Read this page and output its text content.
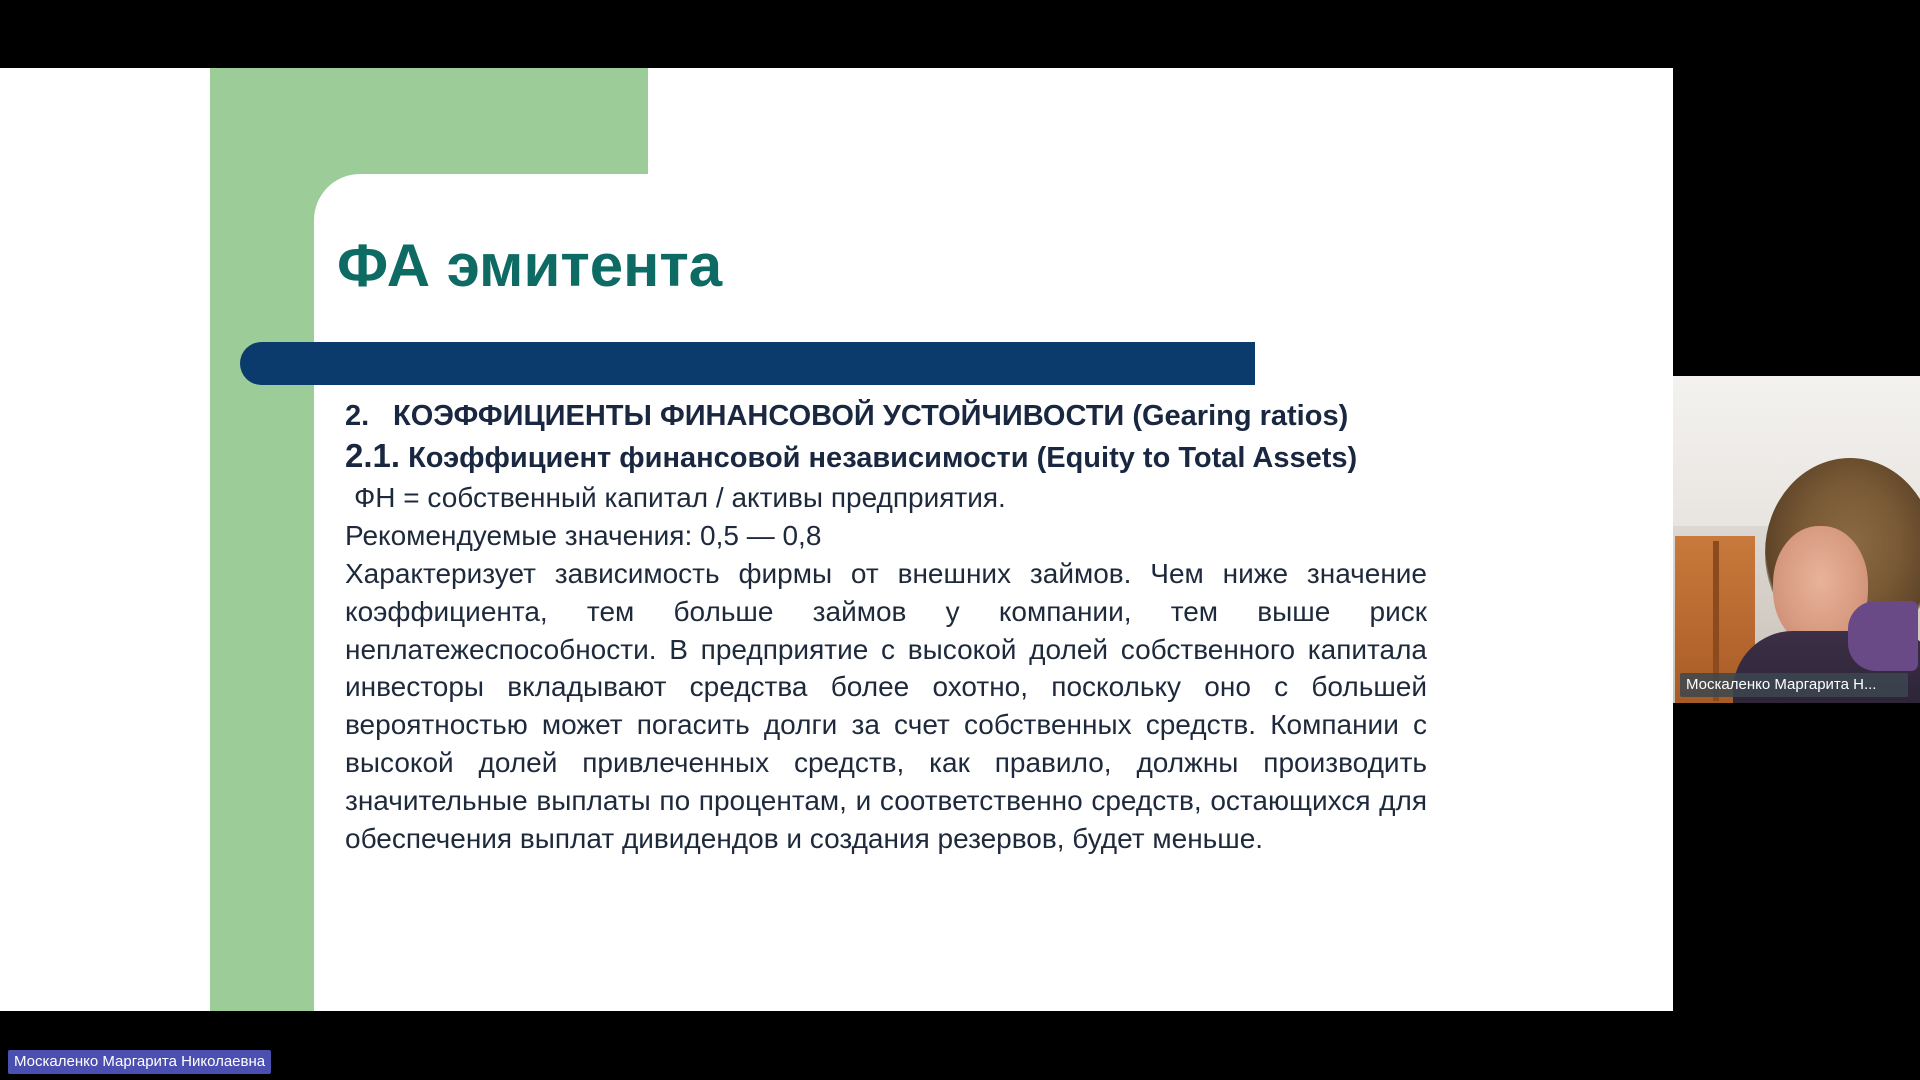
ФА эмитента
2. КОЭФФИЦИЕНТЫ ФИНАНСОВОЙ УСТОЙЧИВОСТИ (Gearing ratios)
2.1. Коэффициент финансовой независимости (Equity to Total Assets)
ФН = собственный капитал / активы предприятия.
Рекомендуемые значения: 0,5 — 0,8
Характеризует зависимость фирмы от внешних займов. Чем ниже значение коэффициента, тем больше займов у компании, тем выше риск неплатежеспособности. В предприятие с высокой долей собственного капитала инвесторы вкладывают средства более охотно, поскольку оно с большей вероятностью может погасить долги за счет собственных средств. Компании с высокой долей привлеченных средств, как правило, должны производить значительные выплаты по процентам, и соответственно средств, остающихся для обеспечения выплат дивидендов и создания резервов, будет меньше.
Москаленко Маргарита Николаевна
Москаленко Маргарита Н...
